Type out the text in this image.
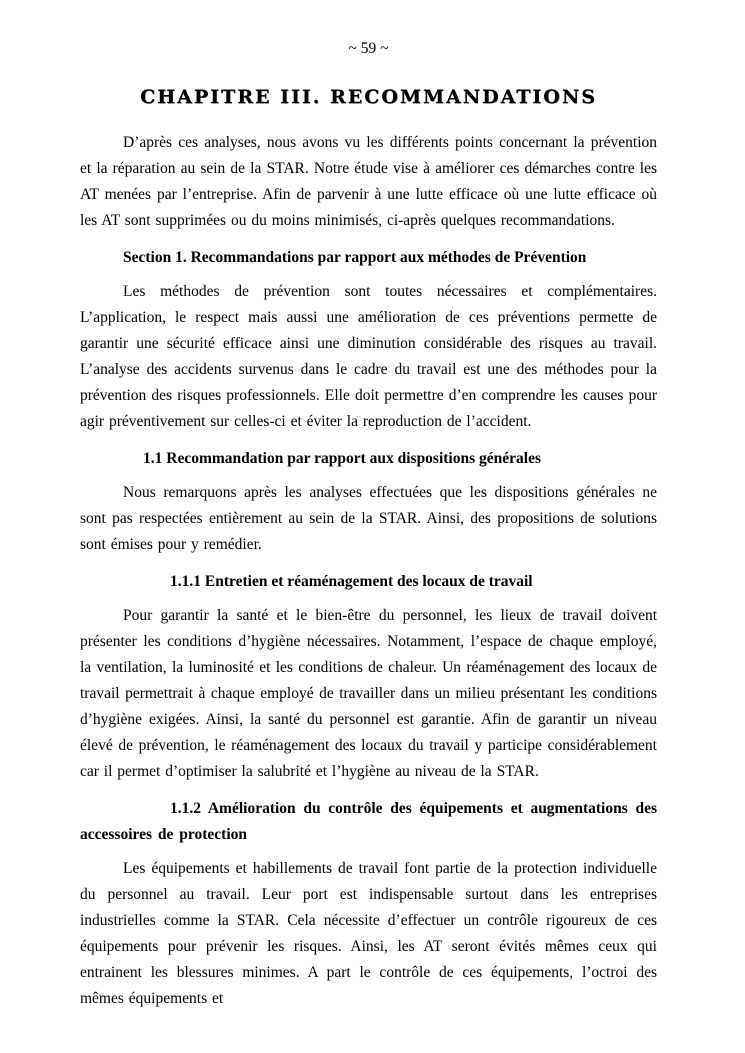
~ 59 ~
CHAPITRE III. RECOMMANDATIONS

D’après ces analyses, nous avons vu les différents points concernant la prévention et la réparation au sein de la STAR. Notre étude vise à améliorer ces démarches contre les AT menées par l’entreprise. Afin de parvenir à une lutte efficace où une lutte efficace où les AT sont supprimées ou du moins minimisés, ci-après quelques recommandations.

Section 1. Recommandations par rapport aux méthodes de Prévention

Les méthodes de prévention sont toutes nécessaires et complémentaires. L’application, le respect mais aussi une amélioration de ces préventions permette de garantir une sécurité efficace ainsi une diminution considérable des risques au travail. L’analyse des accidents survenus dans le cadre du travail est une des méthodes pour la prévention des risques professionnels. Elle doit permettre d’en comprendre les causes pour agir préventivement sur celles-ci et éviter la reproduction de l’accident.

1.1 Recommandation par rapport aux dispositions générales

Nous remarquons après les analyses effectuées que les dispositions générales ne sont pas respectées entièrement au sein de la STAR. Ainsi, des propositions de solutions sont émises pour y remédier.

1.1.1 Entretien et réaménagement des locaux de travail

Pour garantir la santé et le bien-être du personnel, les lieux de travail doivent présenter les conditions d’hygiène nécessaires. Notamment, l’espace de chaque employé, la ventilation, la luminosité et les conditions de chaleur. Un réaménagement des locaux de travail permettrait à chaque employé de travailler dans un milieu présentant les conditions d’hygiène exigées. Ainsi, la santé du personnel est garantie. Afin de garantir un niveau élevé de prévention, le réaménagement des locaux du travail y participe considérablement car il permet d’optimiser la salubrité et l’hygiène au niveau de la STAR.

1.1.2 Amélioration du contrôle des équipements et augmentations des accessoires de protection

Les équipements et habillements de travail font partie de la protection individuelle du personnel au travail. Leur port est indispensable surtout dans les entreprises industrielles comme la STAR. Cela nécessite d’effectuer un contrôle rigoureux de ces équipements pour prévenir les risques. Ainsi, les AT seront évités mêmes ceux qui entrainent les blessures minimes. A part le contrôle de ces équipements, l’octroi des mêmes équipements et
